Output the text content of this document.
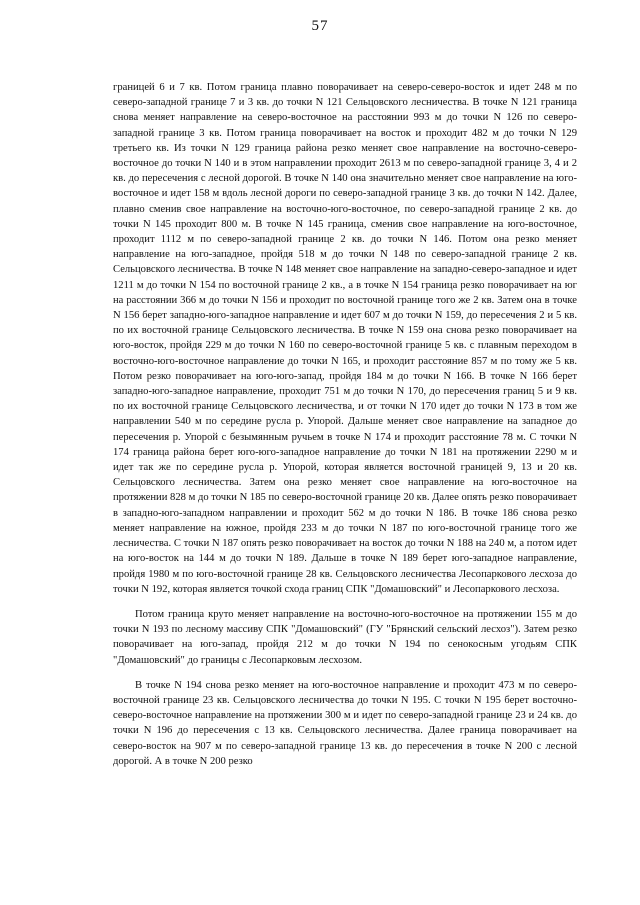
57

границей 6 и 7 кв. Потом граница плавно поворачивает на северо-северо-восток и идет 248 м по северо-западной границе 7 и 3 кв. до точки N 121 Сельцовского лесничества. В точке N 121 граница снова меняет направление на северо-восточное на расстоянии 993 м до точки N 126 по северо-западной границе 3 кв. Потом граница поворачивает на восток и проходит 482 м до точки N 129 третьего кв. Из точки N 129 граница района резко меняет свое направление на восточно-северо-восточное до точки N 140 и в этом направлении проходит 2613 м по северо-западной границе 3, 4 и 2 кв. до пересечения с лесной дорогой. В точке N 140 она значительно меняет свое направление на юго-восточное и идет 158 м вдоль лесной дороги по северо-западной границе 3 кв. до точки N 142. Далее, плавно сменив свое направление на восточно-юго-восточное, по северо-западной границе 2 кв. до точки N 145 проходит 800 м. В точке N 145 граница, сменив свое направление на юго-восточное, проходит 1112 м по северо-западной границе 2 кв. до точки N 146. Потом она резко меняет направление на юго-западное, пройдя 518 м до точки N 148 по северо-западной границе 2 кв. Сельцовского лесничества. В точке N 148 меняет свое направление на западно-северо-западное и идет 1211 м до точки N 154 по восточной границе 2 кв., а в точке N 154 граница резко поворачивает на юг на расстоянии 366 м до точки N 156 и проходит по восточной границе того же 2 кв. Затем она в точке N 156 берет западно-юго-западное направление и идет 607 м до точки N 159, до пересечения 2 и 5 кв. по их восточной границе Сельцовского лесничества. В точке N 159 она снова резко поворачивает на юго-восток, пройдя 229 м до точки N 160 по северо-восточной границе 5 кв. с плавным переходом в восточно-юго-восточное направление до точки N 165, и проходит расстояние 857 м по тому же 5 кв. Потом резко поворачивает на юго-юго-запад, пройдя 184 м до точки N 166. В точке N 166 берет западно-юго-западное направление, проходит 751 м до точки N 170, до пересечения границ 5 и 9 кв. по их восточной границе Сельцовского лесничества, и от точки N 170 идет до точки N 173 в том же направлении 540 м по середине русла р. Упорой. Дальше меняет свое направление на западное до пересечения р. Упорой с безымянным ручьем в точке N 174 и проходит расстояние 78 м. С точки N 174 граница района берет юго-юго-западное направление до точки N 181 на протяжении 2290 м и идет так же по середине русла р. Упорой, которая является восточной границей 9, 13 и 20 кв. Сельцовского лесничества. Затем она резко меняет свое направление на юго-восточное на протяжении 828 м до точки N 185 по северо-восточной границе 20 кв. Далее опять резко поворачивает в западно-юго-западном направлении и проходит 562 м до точки N 186. В точке 186 снова резко меняет направление на южное, пройдя 233 м до точки N 187 по юго-восточной границе того же лесничества. С точки N 187 опять резко поворачивает на восток до точки N 188 на 240 м, а потом идет на юго-восток на 144 м до точки N 189. Дальше в точке N 189 берет юго-западное направление, пройдя 1980 м по юго-восточной границе 28 кв. Сельцовского лесничества Лесопаркового лесхоза до точки N 192, которая является точкой схода границ СПК "Домашовский" и Лесопаркового лесхоза.

Потом граница круто меняет направление на восточно-юго-восточное на протяжении 155 м до точки N 193 по лесному массиву СПК "Домашовский" (ГУ "Брянский сельский лесхоз"). Затем резко поворачивает на юго-запад, пройдя 212 м до точки N 194 по сенокосным угодьям СПК "Домашовский" до границы с Лесопарковым лесхозом.

В точке N 194 снова резко меняет на юго-восточное направление и проходит 473 м по северо-восточной границе 23 кв. Сельцовского лесничества до точки N 195. С точки N 195 берет восточно-северо-восточное направление на протяжении 300 м и идет по северо-западной границе 23 и 24 кв. до точки N 196 до пересечения с 13 кв. Сельцовского лесничества. Далее граница поворачивает на северо-восток на 907 м по северо-западной границе 13 кв. до пересечения в точке N 200 с лесной дорогой. А в точке N 200 резко
